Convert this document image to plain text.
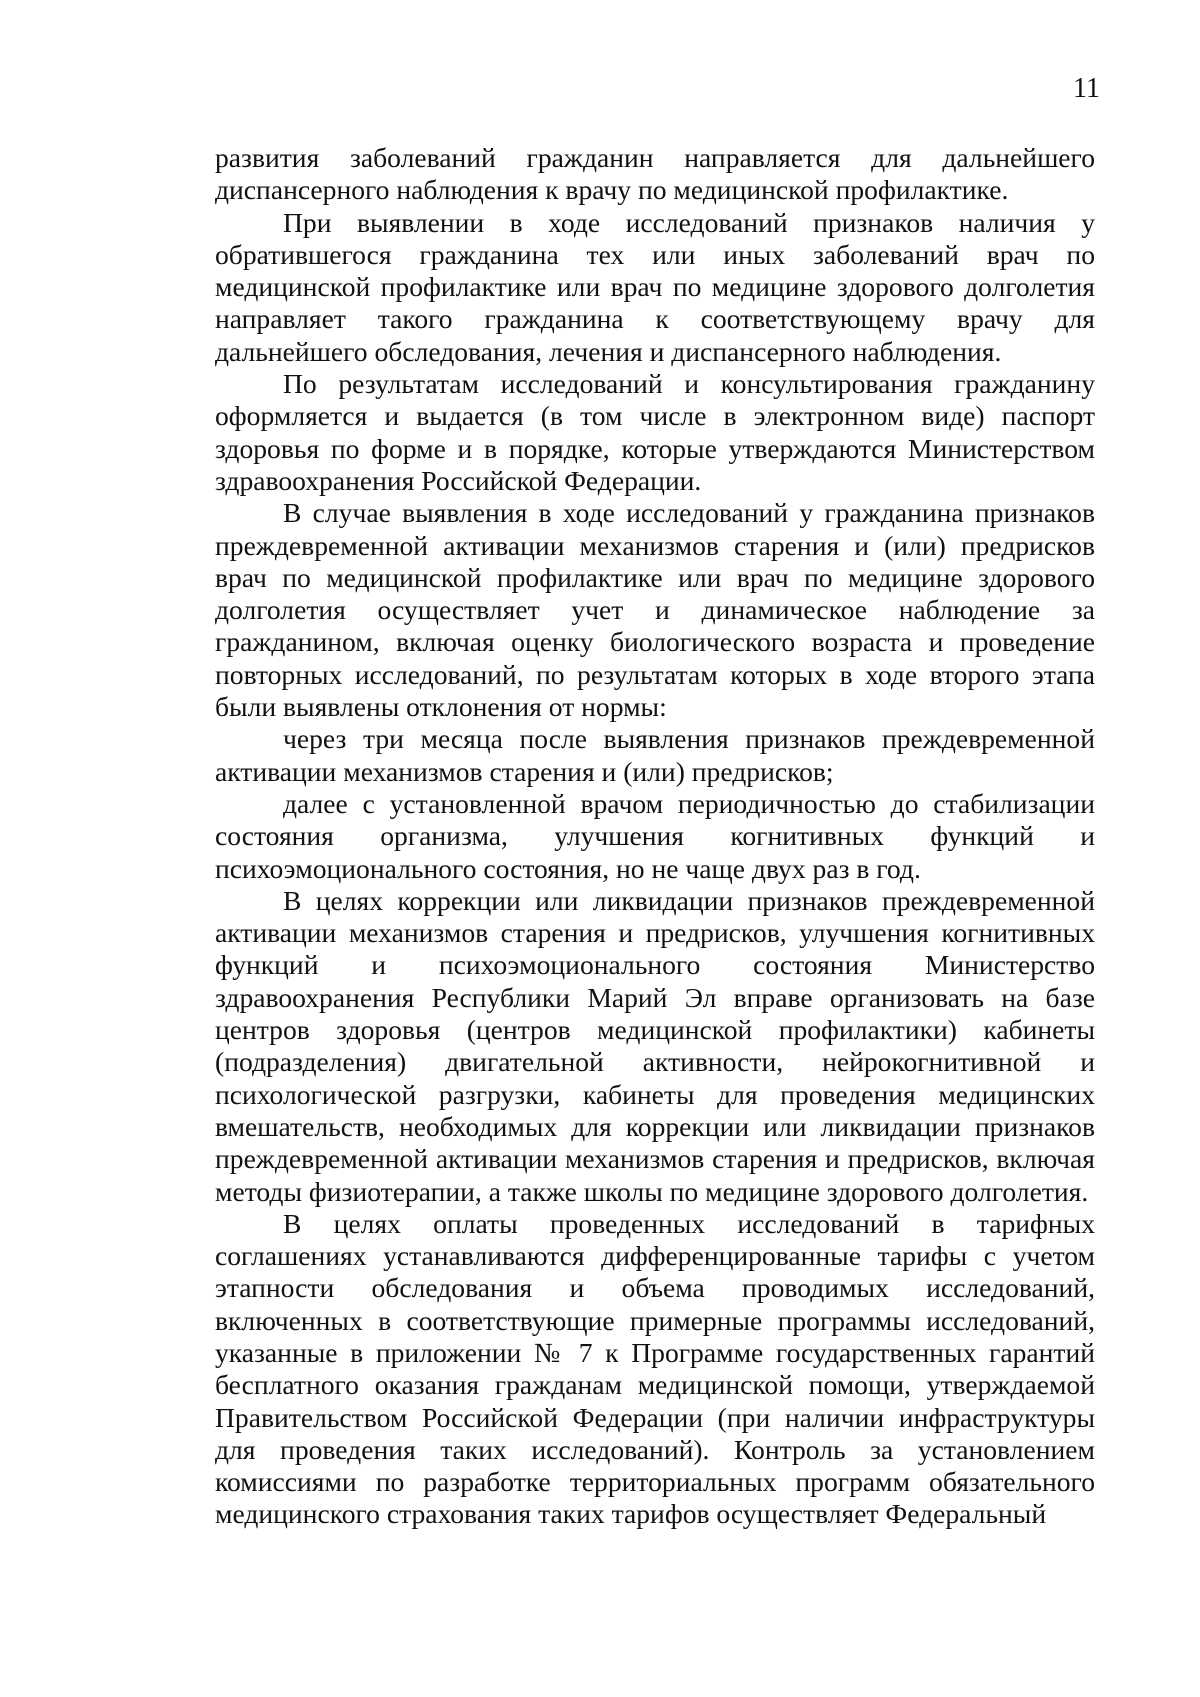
11

развития заболеваний гражданин направляется для дальнейшего диспансерного наблюдения к врачу по медицинской профилактике.

При выявлении в ходе исследований признаков наличия у обратившегося гражданина тех или иных заболеваний врач по медицинской профилактике или врач по медицине здорового долголетия направляет такого гражданина к соответствующему врачу для дальнейшего обследования, лечения и диспансерного наблюдения.

По результатам исследований и консультирования гражданину оформляется и выдается (в том числе в электронном виде) паспорт здоровья по форме и в порядке, которые утверждаются Министерством здравоохранения Российской Федерации.

В случае выявления в ходе исследований у гражданина признаков преждевременной активации механизмов старения и (или) предрисков врач по медицинской профилактике или врач по медицине здорового долголетия осуществляет учет и динамическое наблюдение за гражданином, включая оценку биологического возраста и проведение повторных исследований, по результатам которых в ходе второго этапа были выявлены отклонения от нормы:

через три месяца после выявления признаков преждевременной активации механизмов старения и (или) предрисков;

далее с установленной врачом периодичностью до стабилизации состояния организма, улучшения когнитивных функций и психоэмоционального состояния, но не чаще двух раз в год.

В целях коррекции или ликвидации признаков преждевременной активации механизмов старения и предрисков, улучшения когнитивных функций и психоэмоционального состояния Министерство здравоохранения Республики Марий Эл вправе организовать на базе центров здоровья (центров медицинской профилактики) кабинеты (подразделения) двигательной активности, нейрокогнитивной и психологической разгрузки, кабинеты для проведения медицинских вмешательств, необходимых для коррекции или ликвидации признаков преждевременной активации механизмов старения и предрисков, включая методы физиотерапии, а также школы по медицине здорового долголетия.

В целях оплаты проведенных исследований в тарифных соглашениях устанавливаются дифференцированные тарифы с учетом этапности обследования и объема проводимых исследований, включенных в соответствующие примерные программы исследований, указанные в приложении № 7 к Программе государственных гарантий бесплатного оказания гражданам медицинской помощи, утверждаемой Правительством Российской Федерации (при наличии инфраструктуры для проведения таких исследований). Контроль за установлением комиссиями по разработке территориальных программ обязательного медицинского страхования таких тарифов осуществляет Федеральный
